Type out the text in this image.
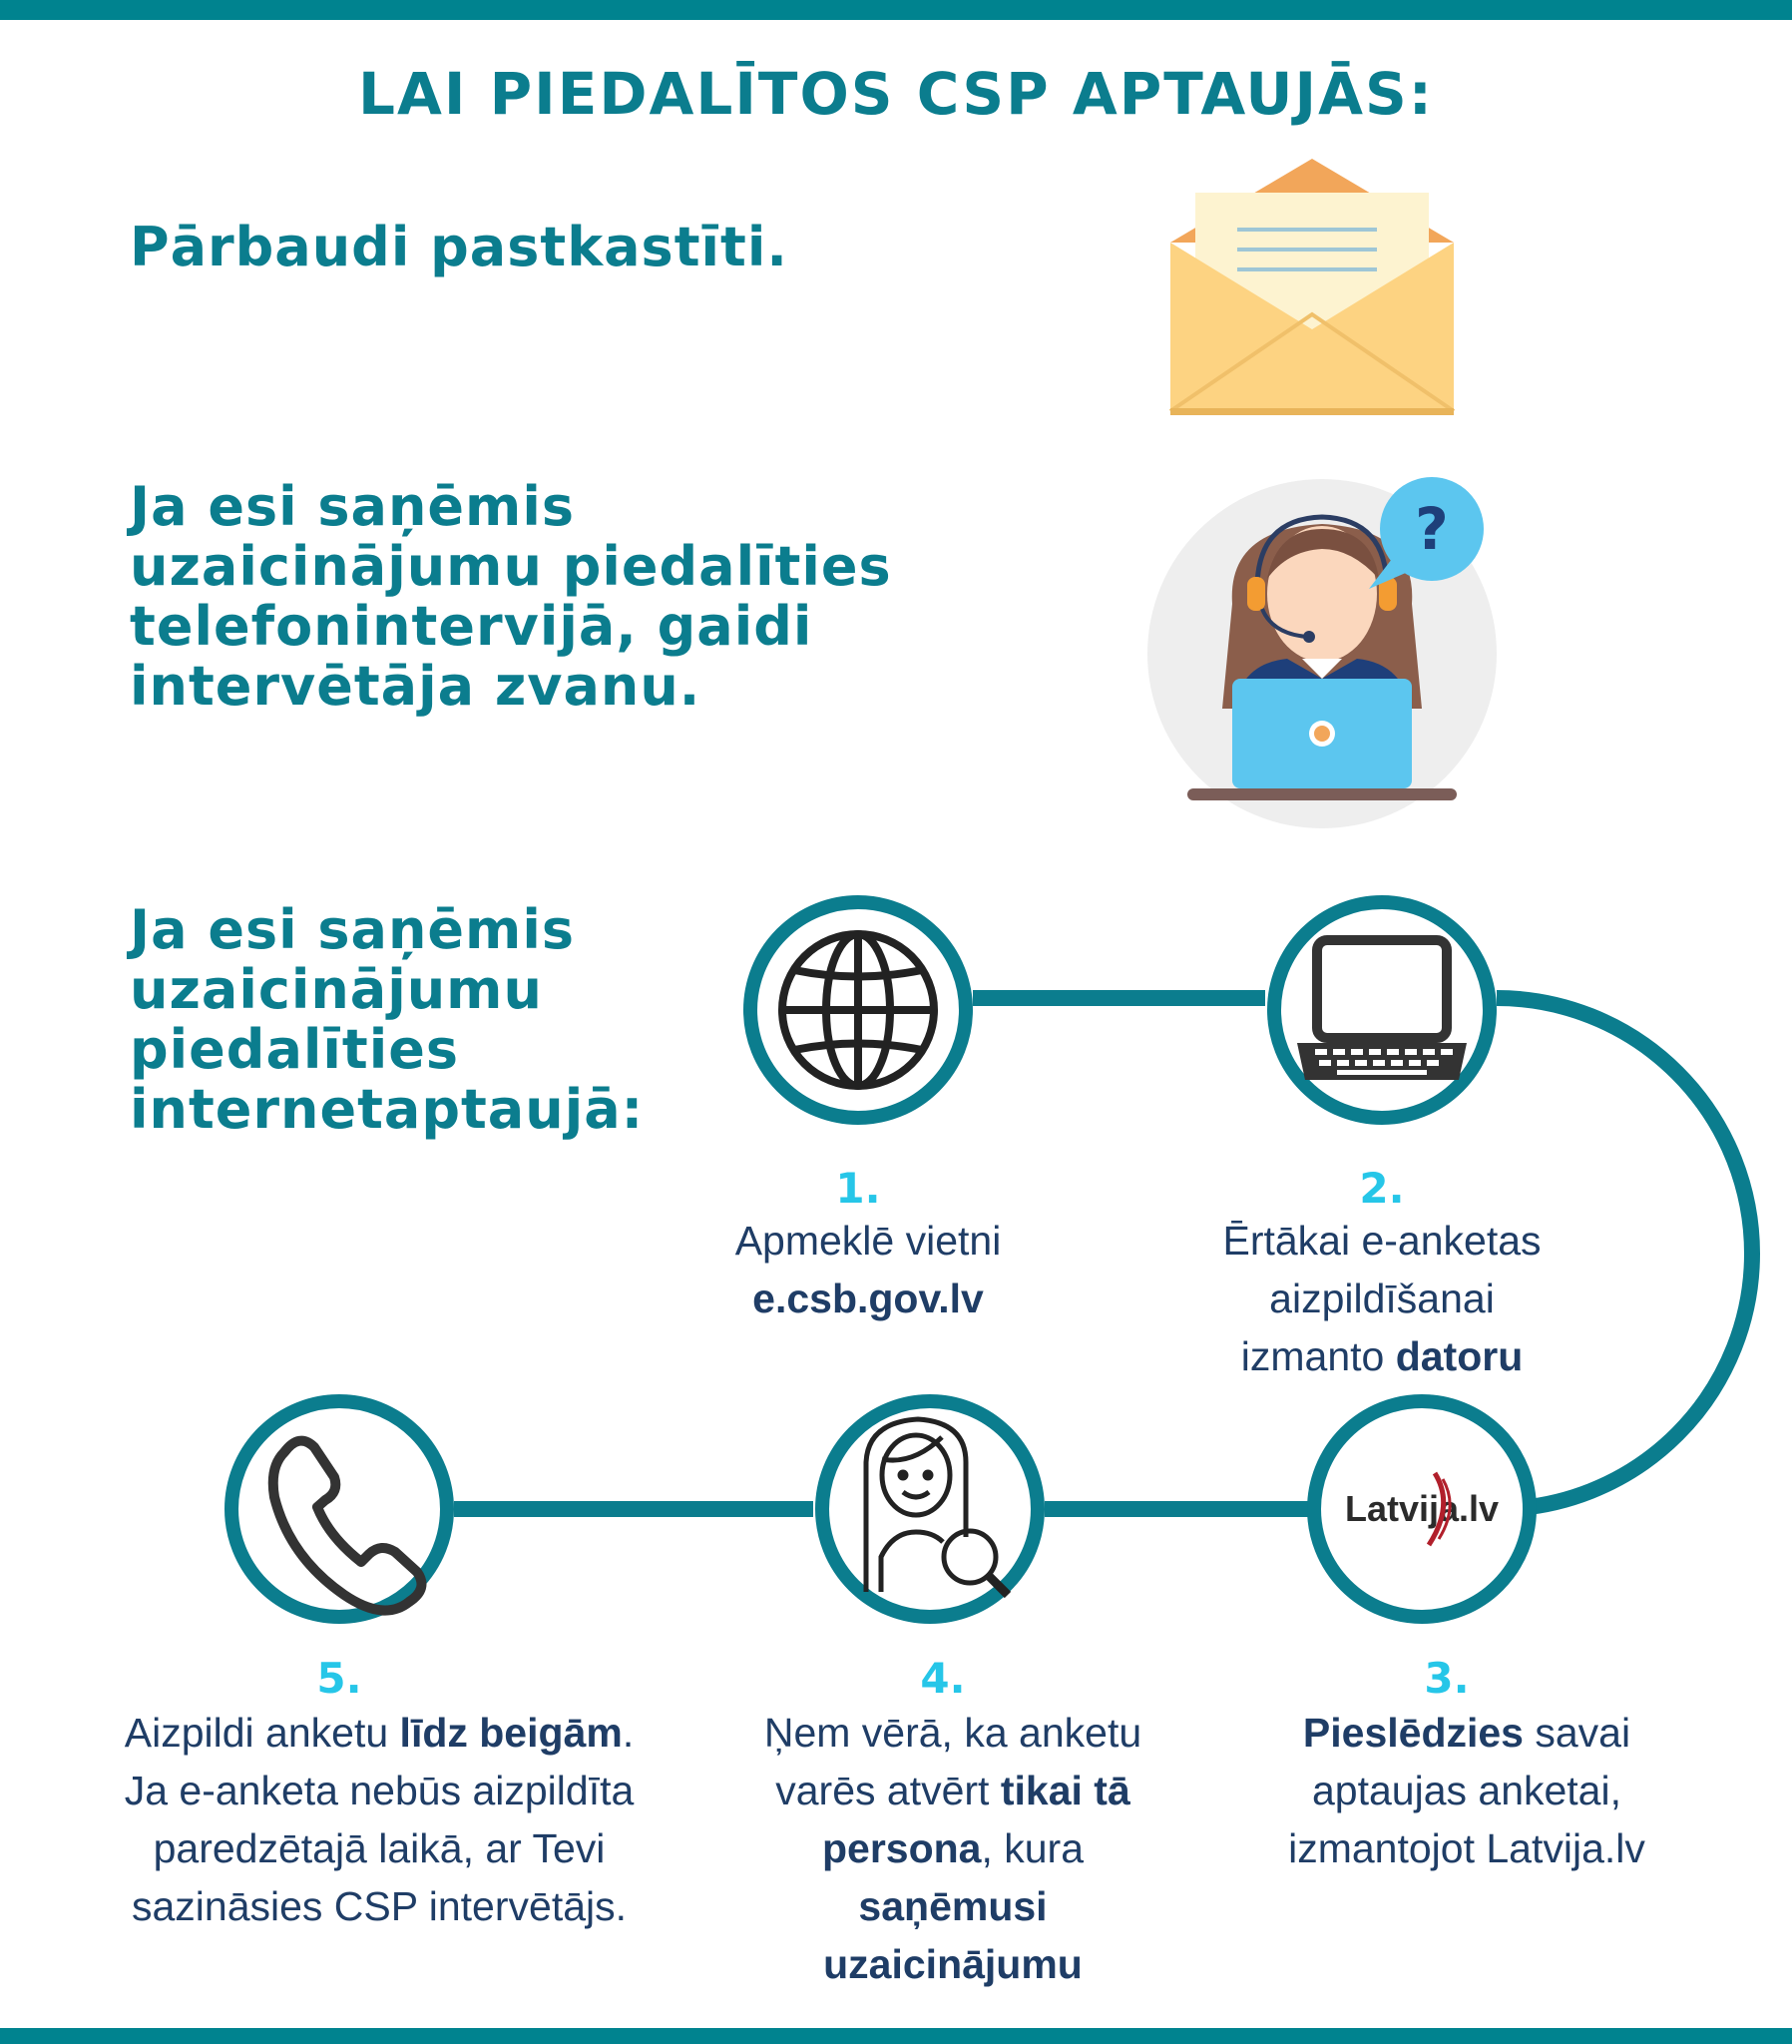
LAI PIEDALĪTOS CSP APTAUJĀS:
Pārbaudi pastkastīti.
Ja esi saņēmis
uzaicinājumu piedalīties
telefonintervijā, gaidi
intervētāja zvanu.
?
Ja esi saņēmis
uzaicinājumu
piedalīties
internetaptaujā:
Latvija.lv
1.	2.
3.
4.
5.
Apmeklē vietni
e.csb.gov.lv
Ērtākai e-anketas
aizpildīšanai
izmanto datoru
Pieslēdzies savai
aptaujas anketai,
izmantojot Latvija.lv
Ņem vērā, ka anketu
varēs atvērt tikai tā
persona, kura
saņēmusi
uzaicinājumu
Aizpildi anketu līdz beigām.
Ja e-anketa nebūs aizpildīta
paredzētajā laikā, ar Tevi
sazināsies CSP intervētājs.
